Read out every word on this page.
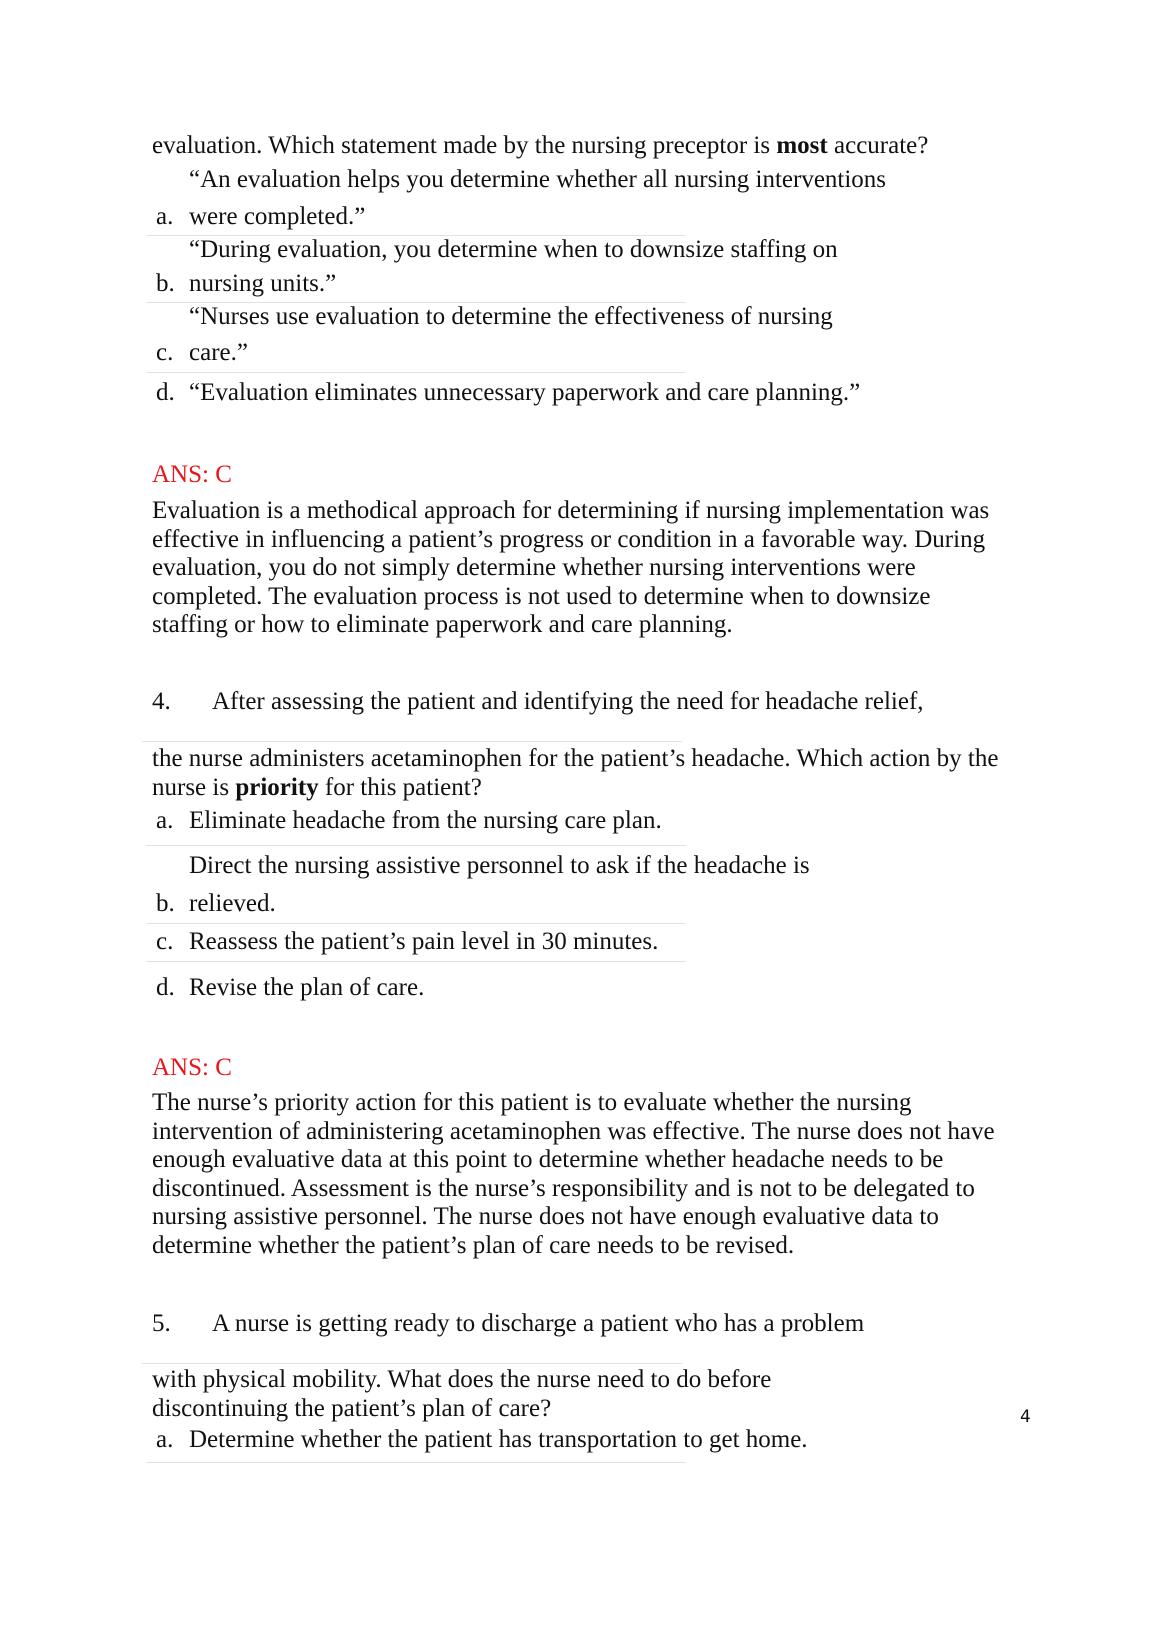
evaluation. Which statement made by the nursing preceptor is most accurate?
“An evaluation helps you determine whether all nursing interventions
a. were completed.”
“During evaluation, you determine when to downsize staffing on
b. nursing units.”
“Nurses use evaluation to determine the effectiveness of nursing
c. care.”
d. “Evaluation eliminates unnecessary paperwork and care planning.”
ANS: C
Evaluation is a methodical approach for determining if nursing implementation was effective in influencing a patient’s progress or condition in a favorable way. During evaluation, you do not simply determine whether nursing interventions were completed. The evaluation process is not used to determine when to downsize staffing or how to eliminate paperwork and care planning.
4. After assessing the patient and identifying the need for headache relief,
the nurse administers acetaminophen for the patient’s headache. Which action by the nurse is priority for this patient?
a. Eliminate headache from the nursing care plan.
Direct the nursing assistive personnel to ask if the headache is
b. relieved.
c. Reassess the patient’s pain level in 30 minutes.
d. Revise the plan of care.
ANS: C
The nurse’s priority action for this patient is to evaluate whether the nursing intervention of administering acetaminophen was effective. The nurse does not have enough evaluative data at this point to determine whether headache needs to be discontinued. Assessment is the nurse’s responsibility and is not to be delegated to nursing assistive personnel. The nurse does not have enough evaluative data to determine whether the patient’s plan of care needs to be revised.
5. A nurse is getting ready to discharge a patient who has a problem
with physical mobility. What does the nurse need to do before discontinuing the patient’s plan of care?
a. Determine whether the patient has transportation to get home.
4
